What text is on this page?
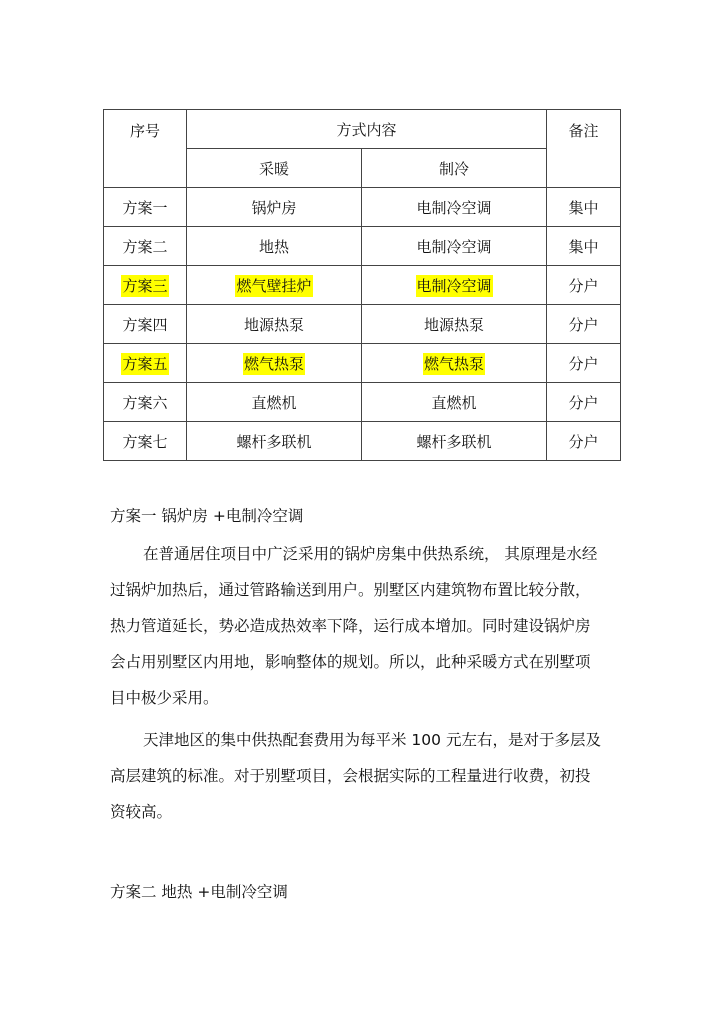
序号	方式内容		备注
	采暖	制冷	
方案一	锅炉房	电制冷空调	集中
方案二	地热	电制冷空调	集中
方案三	燃气壁挂炉	电制冷空调	分户
方案四	地源热泵	地源热泵	分户
方案五	燃气热泵	燃气热泵	分户
方案六	直燃机	直燃机	分户
方案七	螺杆多联机	螺杆多联机	分户
方案一 锅炉房 +电制冷空调
在普通居住项目中广泛采用的锅炉房集中供热系统， 其原理是水经
过锅炉加热后，通过管路输送到用户。别墅区内建筑物布置比较分散，
热力管道延长，势必造成热效率下降，运行成本增加。同时建设锅炉房
会占用别墅区内用地，影响整体的规划。所以，此种采暖方式在别墅项
目中极少采用。
天津地区的集中供热配套费用为每平米 100 元左右，是对于多层及
高层建筑的标准。对于别墅项目，会根据实际的工程量进行收费，初投
资较高。
方案二 地热 +电制冷空调
